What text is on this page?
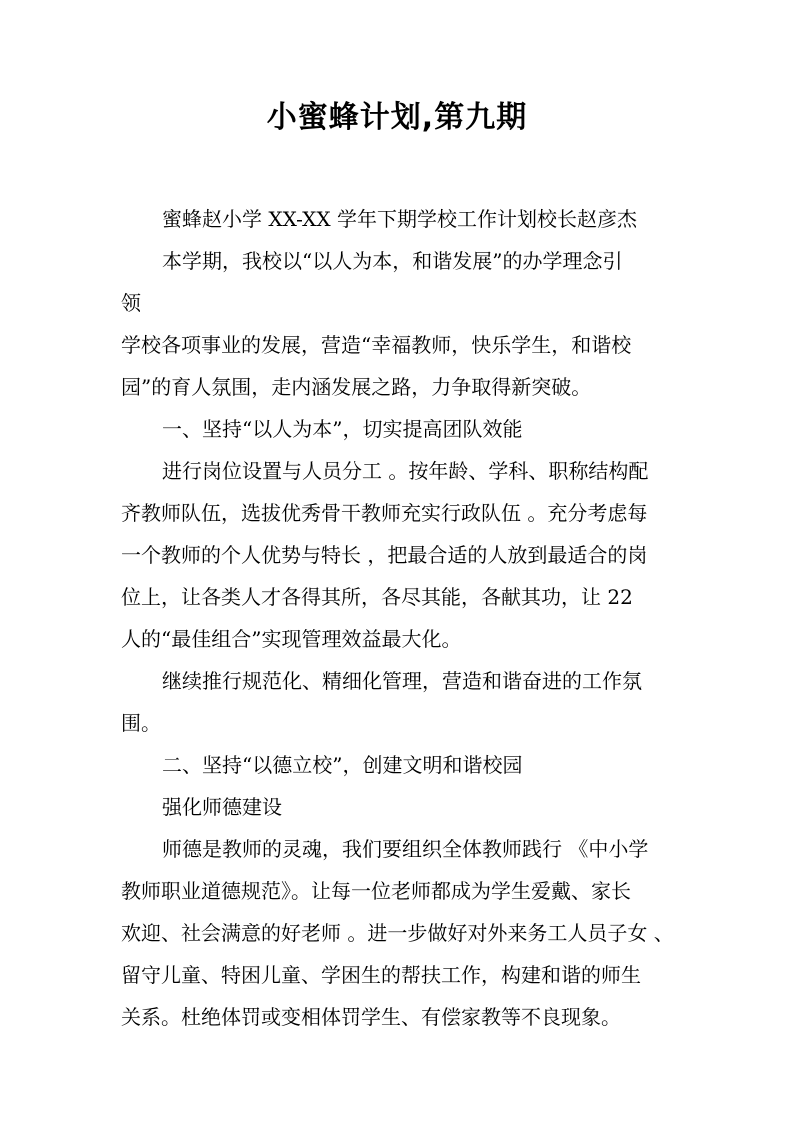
小蜜蜂计划,第九期
蜜蜂赵小学 XX-XX 学年下期学校工作计划校长赵彦杰
本学期，我校以“以人为本，和谐发展”的办学理念引
领
学校各项事业的发展，营造“幸福教师，快乐学生，和谐校
园”的育人氛围，走内涵发展之路，力争取得新突破。
一、坚持“以人为本”，切实提高团队效能
进行岗位设置与人员分工 。按年龄、学科、职称结构配
齐教师队伍，选拔优秀骨干教师充实行政队伍 。充分考虑每
一个教师的个人优势与特长 ，把最合适的人放到最适合的岗
位上，让各类人才各得其所，各尽其能，各献其功，让 22
人的“最佳组合”实现管理效益最大化。
继续推行规范化、精细化管理，营造和谐奋进的工作氛
围。
二、坚持“以德立校”，创建文明和谐校园
强化师德建设
师德是教师的灵魂，我们要组织全体教师践行 《中小学
教师职业道德规范》。让每一位老师都成为学生爱戴、家长
欢迎、社会满意的好老师 。进一步做好对外来务工人员子女 、
留守儿童、特困儿童、学困生的帮扶工作，构建和谐的师生
关系。杜绝体罚或变相体罚学生、有偿家教等不良现象。
